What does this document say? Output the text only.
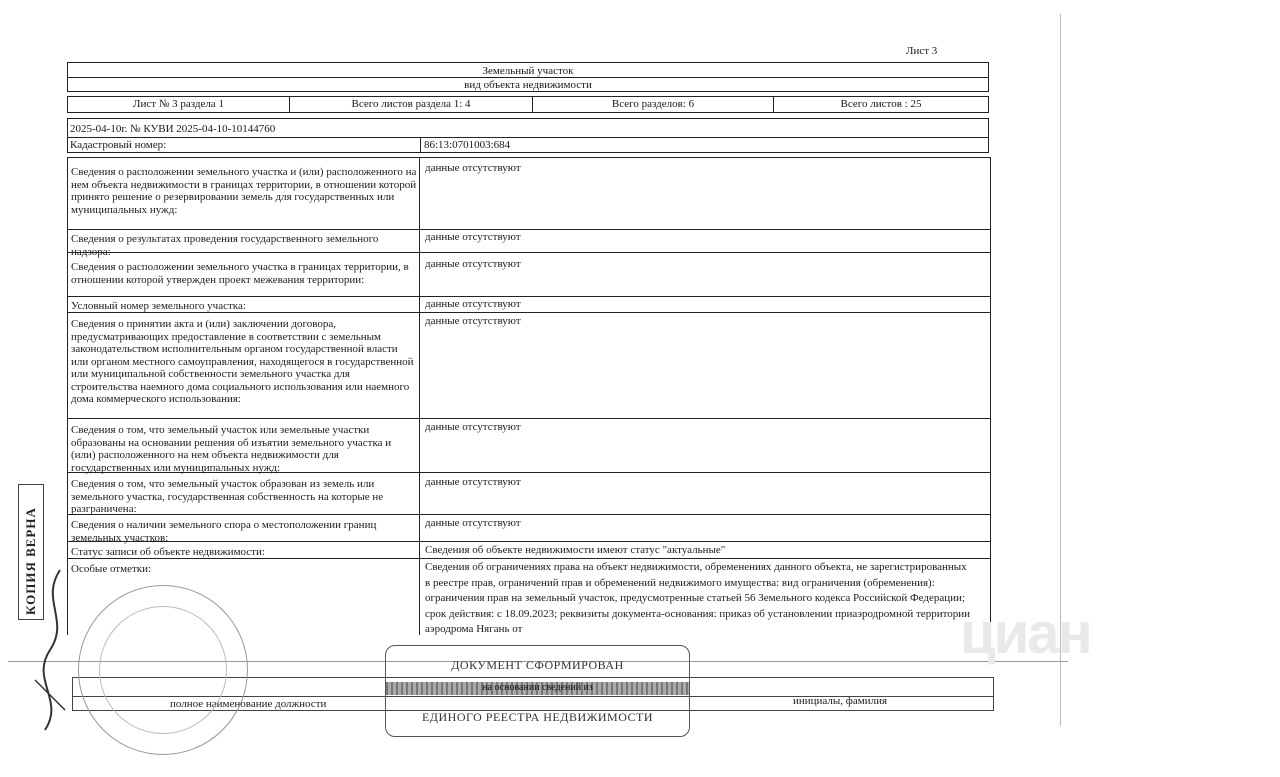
Лист 3
Земельный участок
вид объекта недвижимости
Лист № 3 раздела 1	Всего листов раздела 1: 4	Всего разделов: 6	Всего листов : 25
2025-04-10г. № КУВИ 2025-04-10-10144760
Кадастровый номер:	86:13:0701003:684
Сведения о расположении земельного участка и (или) расположенного на нем объекта недвижимости в границах территории, в отношении которой принято решение о резервировании земель для государственных или муниципальных нужд:
данные отсутствуют
Сведения о результатах проведения государственного земельного надзора:
данные отсутствуют
Сведения о расположении земельного участка в границах территории, в отношении которой утвержден проект межевания территории:
данные отсутствуют
Условный номер земельного участка:	данные отсутствуют
Сведения о принятии акта и (или) заключении договора, предусматривающих предоставление в соответствии с земельным законодательством исполнительным органом государственной власти или органом местного самоуправления, находящегося в государственной или муниципальной собственности земельного участка для строительства наемного дома социального использования или наемного дома коммерческого использования:
данные отсутствуют
Сведения о том, что земельный участок или земельные участки образованы на основании решения об изъятии земельного участка и (или) расположенного на нем объекта недвижимости для государственных или муниципальных нужд:
данные отсутствуют
Сведения о том, что земельный участок образован из земель или земельного участка, государственная собственность на которые не разграничена:
данные отсутствуют
Сведения о наличии земельного спора о местоположении границ земельных участков:
данные отсутствуют
Статус записи об объекте недвижимости:	Сведения об объекте недвижимости имеют статус "актуальные"
Особые отметки:	Сведения об ограничениях права на объект недвижимости, обременениях данного объекта, не зарегистрированных в реестре прав, ограничений прав и обременений недвижимого имущества: вид ограничения (обременения): ограничения прав на земельный участок, предусмотренные статьей 56 Земельного кодекса Российской Федерации; срок действия: с 18.09.2023; реквизиты документа-основания: приказ об установлении приаэродромной территории аэродрома Нягань от
полное наименование должности	инициалы, фамилия
КОПИЯ ВЕРНА
ДОКУМЕНТ СФОРМИРОВАН
на основании сведений из
ЕДИНОГО РЕЕСТРА НЕДВИЖИМОСТИ
циан
